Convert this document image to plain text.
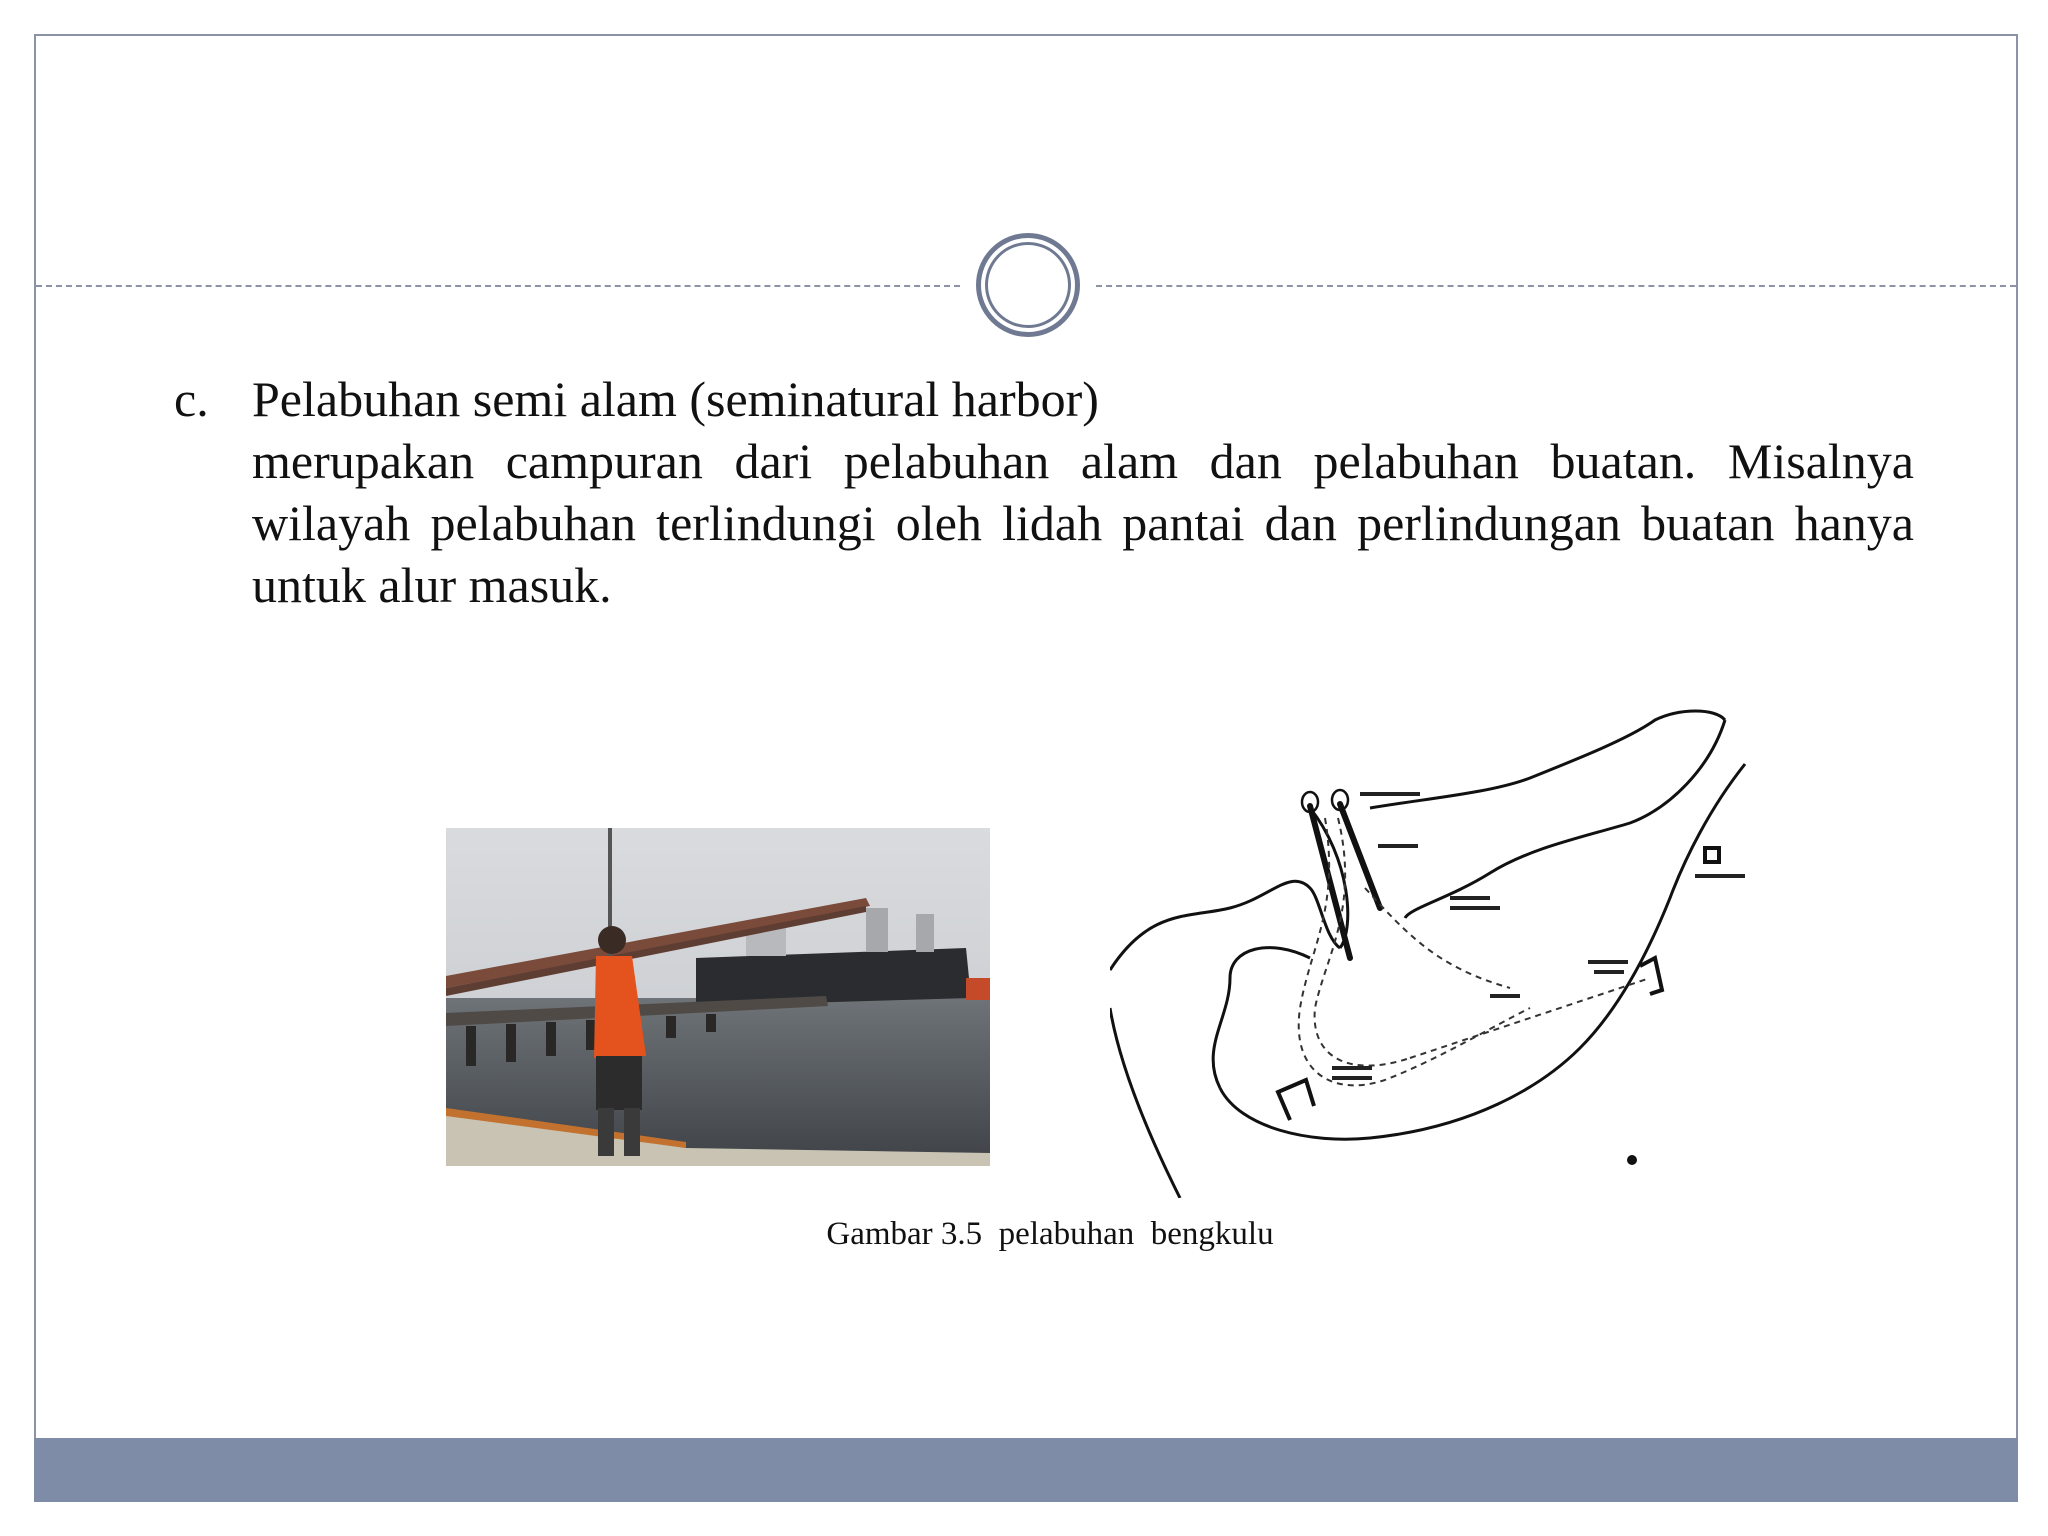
c. Pelabuhan semi alam (seminatural harbor)
merupakan campuran dari pelabuhan alam dan pelabuhan buatan. Misalnya wilayah pelabuhan terlindungi oleh lidah pantai dan perlindungan buatan hanya untuk alur masuk.
Gambar 3.5  pelabuhan  bengkulu
